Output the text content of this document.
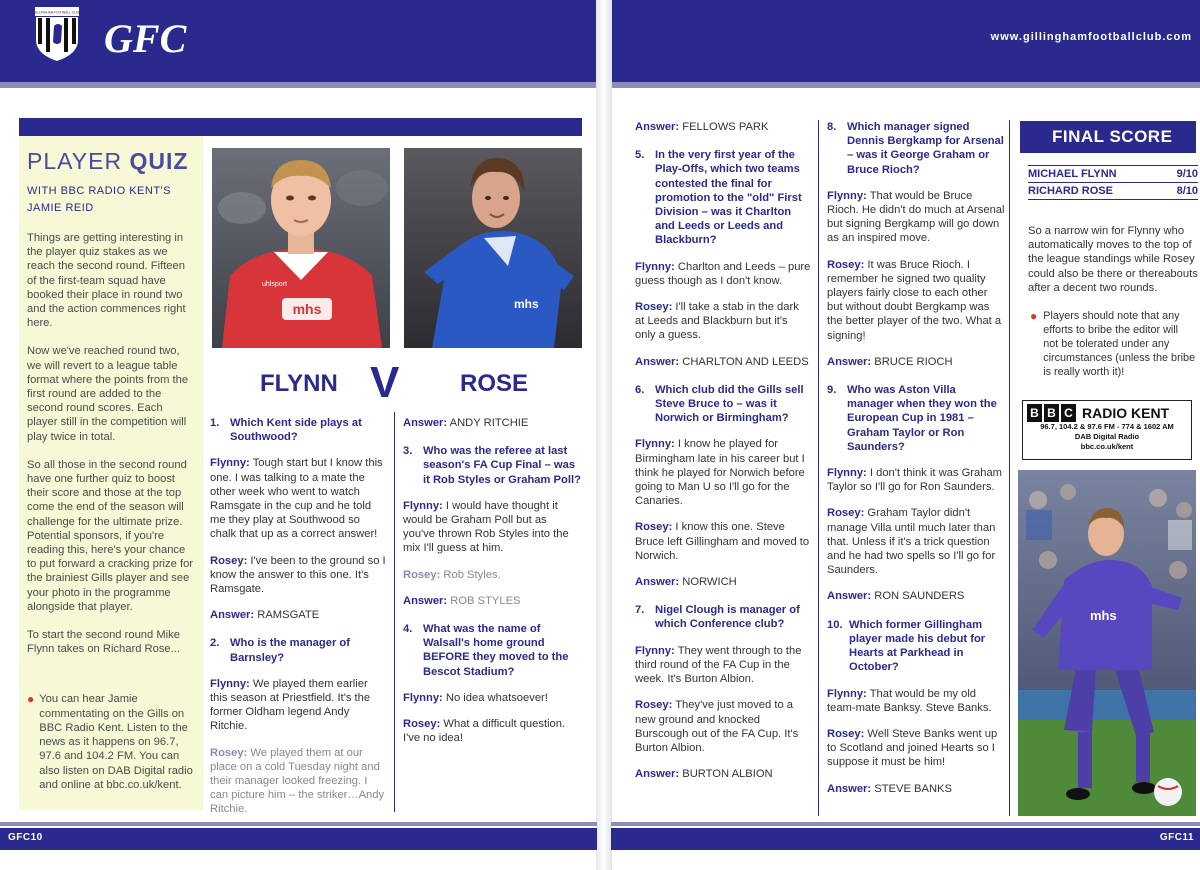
GILLINGHAM FOOTBALL CLUB
GFC	www.gillinghamfootballclub.com
PLAYER QUIZ
WITH BBC RADIO KENT'S JAMIE REID

Things are getting interesting in the player quiz stakes as we reach the second round. Fifteen of the first-team squad have booked their place in round two and the action commences right here.

Now we've reached round two, we will revert to a league table format where the points from the first round are added to the second round scores. Each player still in the competition will play twice in total.

So all those in the second round have one further quiz to boost their score and those at the top come the end of the season will challenge for the ultimate prize. Potential sponsors, if you're reading this, here's your chance to put forward a cracking prize for the brainiest Gills player and see your photo in the programme alongside that player.

To start the second round Mike Flynn takes on Richard Rose...

● You can hear Jamie commentating on the Gills on BBC Radio Kent. Listen to the news as it happens on 96.7, 97.6 and 104.2 FM. You can also listen on DAB Digital radio and online at bbc.co.uk/kent.
mhs
uhlsport
mhs
FLYNN V	ROSE
1. Which Kent side plays at Southwood?
Flynny: Tough start but I know this one. I was talking to a mate the other week who went to watch Ramsgate in the cup and he told me they play at Southwood so chalk that up as a correct answer!
Rosey: I've been to the ground so I know the answer to this one. It's Ramsgate.
Answer: RAMSGATE
2. Who is the manager of Barnsley?
Flynny: We played them earlier this season at Priestfield. It's the former Oldham legend Andy Ritchie.
Rosey: We played them at our place on a cold Tuesday night and their manager looked freezing. I can picture him – the striker…Andy Ritchie.
Answer: ANDY RITCHIE
3. Who was the referee at last season's FA Cup Final – was it Rob Styles or Graham Poll?
Flynny: I would have thought it would be Graham Poll but as you've thrown Rob Styles into the mix I'll guess at him.
Rosey: Rob Styles.
Answer: ROB STYLES
4. What was the name of Walsall's home ground BEFORE they moved to the Bescot Stadium?
Flynny: No idea whatsoever!
Rosey: What a difficult question. I've no idea!
Answer: FELLOWS PARK
5. In the very first year of the Play-Offs, which two teams contested the final for promotion to the "old" First Division – was it Charlton and Leeds or Leeds and Blackburn?
Flynny: Charlton and Leeds – pure guess though as I don't know.
Rosey: I'll take a stab in the dark at Leeds and Blackburn but it's only a guess.
Answer: CHARLTON AND LEEDS
6. Which club did the Gills sell Steve Bruce to – was it Norwich or Birmingham?
Flynny: I know he played for Birmingham late in his career but I think he played for Norwich before going to Man U so I'll go for the Canaries.
Rosey: I know this one. Steve Bruce left Gillingham and moved to Norwich.
Answer: NORWICH
7. Nigel Clough is manager of which Conference club?
Flynny: They went through to the third round of the FA Cup in the week. It's Burton Albion.
Rosey: They've just moved to a new ground and knocked Burscough out of the FA Cup. It's Burton Albion.
Answer: BURTON ALBION
8. Which manager signed Dennis Bergkamp for Arsenal – was it George Graham or Bruce Rioch?
Flynny: That would be Bruce Rioch. He didn't do much at Arsenal but signing Bergkamp will go down as an inspired move.
Rosey: It was Bruce Rioch. I remember he signed two quality players fairly close to each other but without doubt Bergkamp was the better player of the two. What a signing!
Answer: BRUCE RIOCH
9. Who was Aston Villa manager when they won the European Cup in 1981 – Graham Taylor or Ron Saunders?
Flynny: I don't think it was Graham Taylor so I'll go for Ron Saunders.
Rosey: Graham Taylor didn't manage Villa until much later than that. Unless if it's a trick question and he had two spells so I'll go for Saunders.
Answer: RON SAUNDERS
10. Which former Gillingham player made his debut for Hearts at Parkhead in October?
Flynny: That would be my old team-mate Banksy. Steve Banks.
Rosey: Well Steve Banks went up to Scotland and joined Hearts so I suppose it must be him!
Answer: STEVE BANKS
FINAL SCORE
MICHAEL FLYNN	9/10
RICHARD ROSE	8/10
So a narrow win for Flynny who automatically moves to the top of the league standings while Rosey could also be there or thereabouts after a decent two rounds.
● Players should note that any efforts to bribe the editor will not be tolerated under any circumstances (unless the bribe is really worth it)!
B B C RADIO KENT
96.7, 104.2 & 97.6 FM - 774 & 1602 AM
DAB Digital Radio
bbc.co.uk/kent
mhs
GFC10	GFC11
